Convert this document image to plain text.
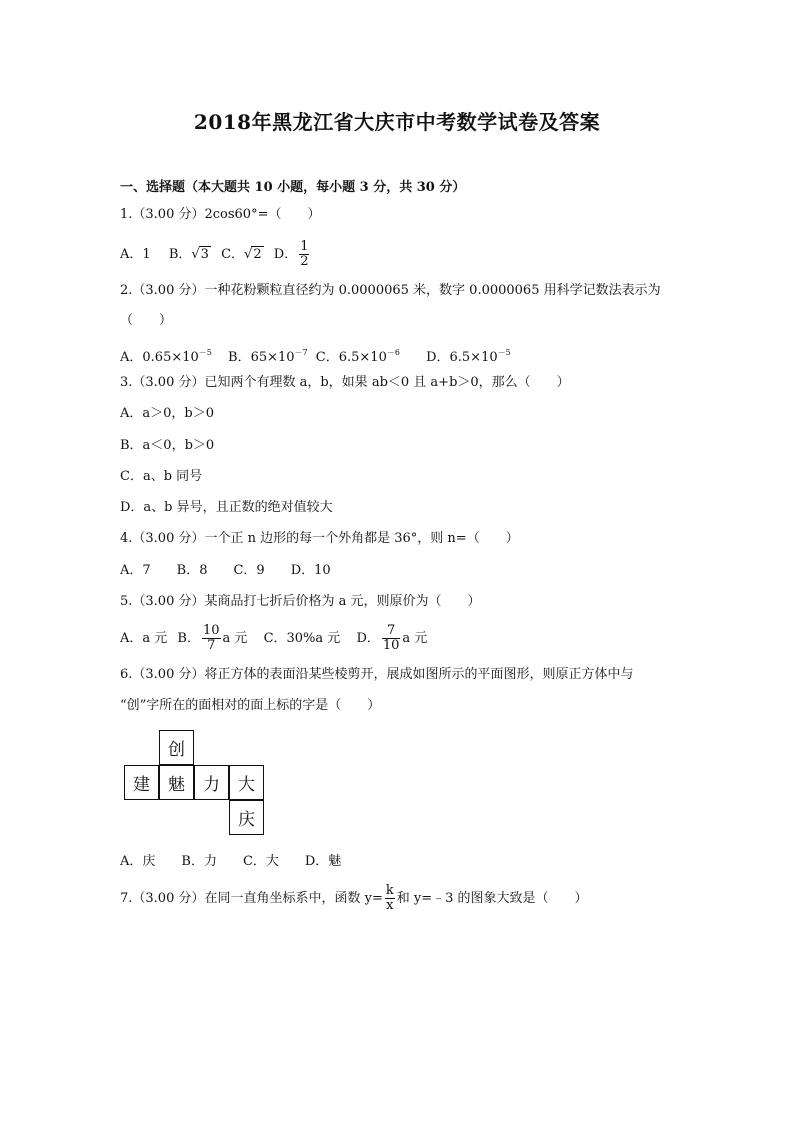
2018年黑龙江省大庆市中考数学试卷及答案
一、选择题（本大题共 10 小题，每小题 3 分，共 30 分）
1.（3.00 分）2cos60°=（　　）
A．1 B．√3 C．√2 D． $\frac{1}{2}$
2.（3.00 分）一种花粉颗粒直径约为 0.0000065 米，数字 0.0000065 用科学记数法表示为
（　　）
A．$0.65\times 10^{-5}$ B．$65\times 10^{-7}$ C．$6.5\times 10^{-6}$ D．$6.5\times 10^{-5}$
3.（3.00 分）已知两个有理数 a，b，如果 ab＜0 且 a+b＞0，那么（　　）
A．a＞0，b＞0
B．a＜0，b＞0
C．a、b 同号
D．a、b 异号，且正数的绝对值较大
4.（3.00 分）一个正 n 边形的每一个外角都是 36°，则 n=（　　）
A．7　　B．8　　C．9　　D．10
5.（3.00 分）某商品打七折后价格为 a 元，则原价为（　　）
A．a 元 B． $\frac{10}{7}$ a 元 C．30%a 元 D． $\frac{7}{10}$ a 元
6.（3.00 分）将正方体的表面沿某些棱剪开，展成如图所示的平面图形，则原正方体中与
“创”字所在的面相对的面上标的字是（　　）
创
建	魅	力	大
庆
A．庆　　B．力　　C．大　　D．魅
7.（3.00 分）在同一直角坐标系中，函数 $y= \frac{k}{x}$ 和 y=﹣3 的图象大致是（　　）
